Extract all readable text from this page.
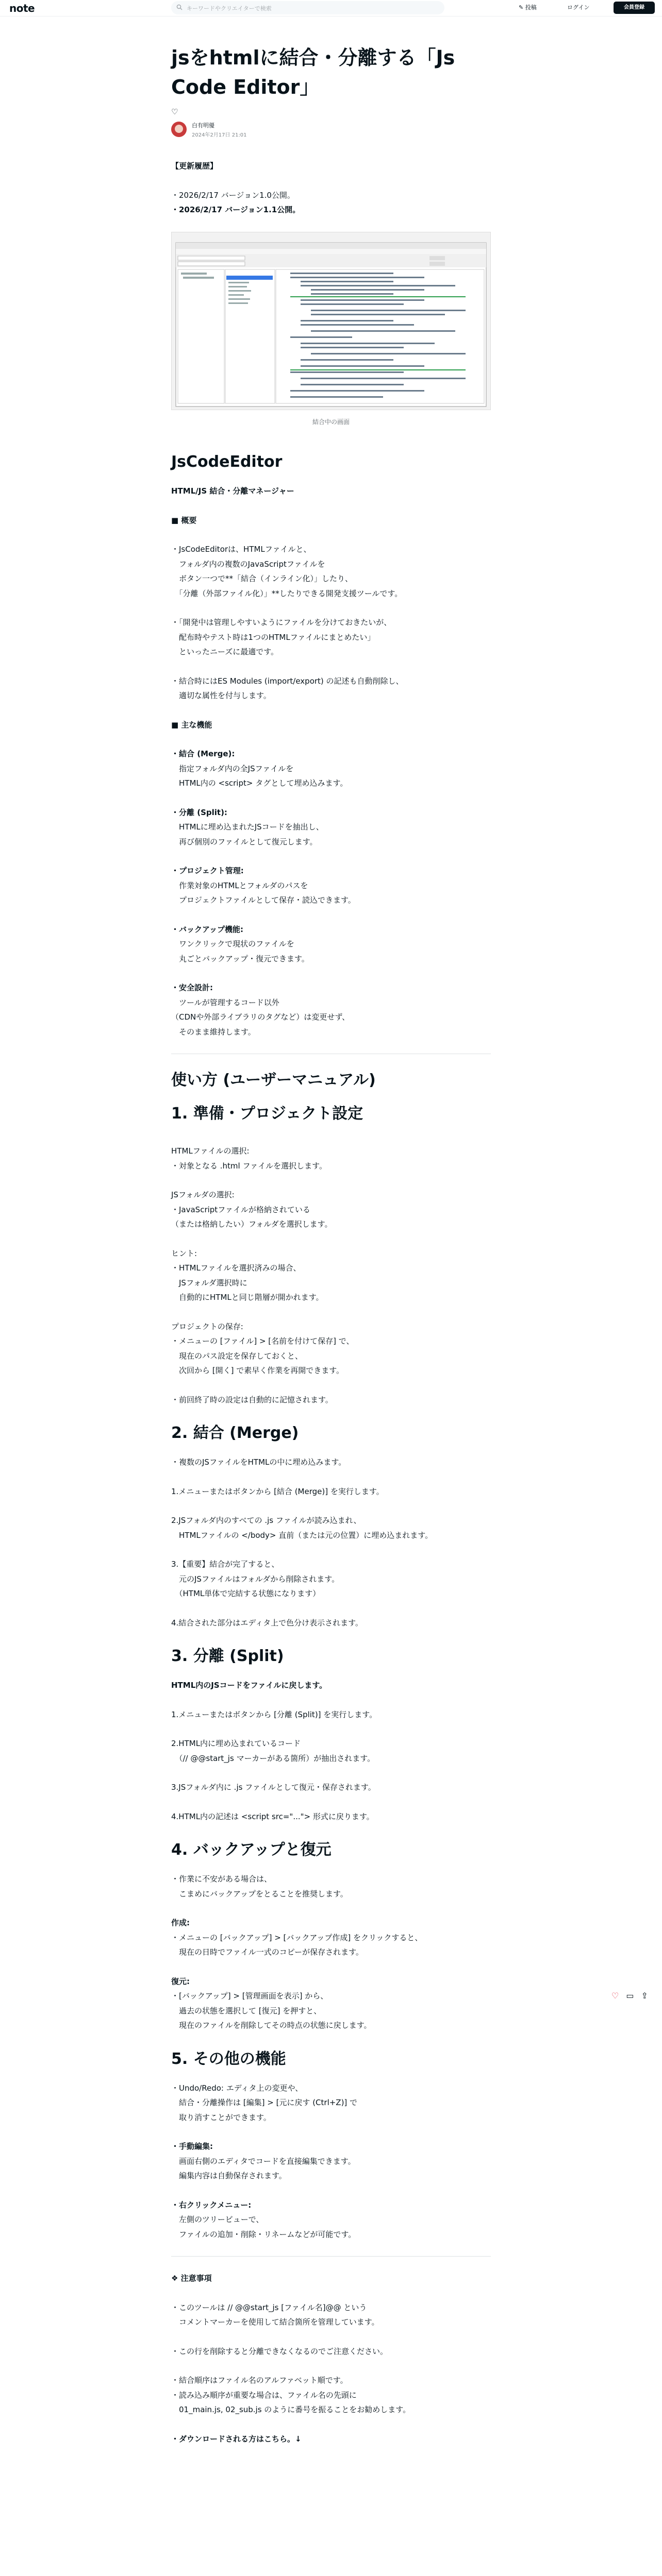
note	キーワードやクリエイターで検索	✎ 投稿	ログイン	会員登録
jsをhtmlに結合・分離する「Js Code Editor」
♡
白有明優
2024年2月17日 21:01

【更新履歴】

・2026/2/17 バージョン1.0公開。
・2026/2/17 バージョン1.1公開。

結合中の画面
JsCodeEditor

HTML/JS 結合・分離マネージャー

■ 概要

・JsCodeEditorは、HTMLファイルと、
　フォルダ内の複数のJavaScriptファイルを
　ボタン一つで**「結合（インライン化）」したり、
　「分離（外部ファイル化）」**したりできる開発支援ツールです。

・「開発中は管理しやすいようにファイルを分けておきたいが、
　配布時やテスト時は1つのHTMLファイルにまとめたい」
　といったニーズに最適です。

・結合時にはES Modules (import/export) の記述も自動削除し、
　適切な属性を付与します。

■ 主な機能

・結合 (Merge):
　指定フォルダ内の全JSファイルを
　HTML内の <script> タグとして埋め込みます。

・分離 (Split):
　HTMLに埋め込まれたJSコードを抽出し、
　再び個別のファイルとして復元します。

・プロジェクト管理:
　作業対象のHTMLとフォルダのパスを
　プロジェクトファイルとして保存・読込できます。

・バックアップ機能:
　ワンクリックで現状のファイルを
　丸ごとバックアップ・復元できます。

・安全設計:
　ツールが管理するコード以外
（CDNや外部ライブラリのタグなど）は変更せず、
　そのまま維持します。

使い方 (ユーザーマニュアル)
1. 準備・プロジェクト設定

HTMLファイルの選択:
・対象となる .html ファイルを選択します。

JSフォルダの選択:
・JavaScriptファイルが格納されている
（または格納したい）フォルダを選択します。

ヒント:
・HTMLファイルを選択済みの場合、
　JSフォルダ選択時に
　自動的にHTMLと同じ階層が開かれます。

プロジェクトの保存:
・メニューの [ファイル] > [名前を付けて保存] で、
　現在のパス設定を保存しておくと、
　次回から [開く] で素早く作業を再開できます。

・前回終了時の設定は自動的に記憶されます。

2. 結合 (Merge)

・複数のJSファイルをHTMLの中に埋め込みます。

1.メニューまたはボタンから [結合 (Merge)] を実行します。

2.JSフォルダ内のすべての .js ファイルが読み込まれ、
　HTMLファイルの </body> 直前（または元の位置）に埋め込まれます。

3.【重要】結合が完了すると、
　元のJSファイルはフォルダから削除されます。
　（HTML単体で完結する状態になります）

4.結合された部分はエディタ上で色分け表示されます。

3. 分離 (Split)

HTML内のJSコードをファイルに戻します。

1.メニューまたはボタンから [分離 (Split)] を実行します。

2.HTML内に埋め込まれているコード
　（// @@start_js マーカーがある箇所）が抽出されます。

3.JSフォルダ内に .js ファイルとして復元・保存されます。

4.HTML内の記述は <script src="..."> 形式に戻ります。

4. バックアップと復元

・作業に不安がある場合は、
　こまめにバックアップをとることを推奨します。

作成:
・メニューの [バックアップ] > [バックアップ作成] をクリックすると、
　現在の日時でファイル一式のコピーが保存されます。

復元:
・[バックアップ] > [管理画面を表示] から、
　過去の状態を選択して [復元] を押すと、
　現在のファイルを削除してその時点の状態に戻します。

5. その他の機能

・Undo/Redo: エディタ上の変更や、
　結合・分離操作は [編集] > [元に戻す (Ctrl+Z)] で
　取り消すことができます。

・手動編集:
　画面右側のエディタでコードを直接編集できます。
　編集内容は自動保存されます。

・右クリックメニュー:
　左側のツリービューで、
　ファイルの追加・削除・リネームなどが可能です。

❖ 注意事項

・このツールは // @@start_js [ファイル名]@@ という
　コメントマーカーを使用して結合箇所を管理しています。

・この行を削除すると分離できなくなるのでご注意ください。

・結合順序はファイル名のアルファベット順です。
・読み込み順序が重要な場合は、ファイル名の先頭に
　01_main.js, 02_sub.js のように番号を振ることをお勧めします。

・ダウンロードされる方はこちら。↓

♡ ▭ ⇪
